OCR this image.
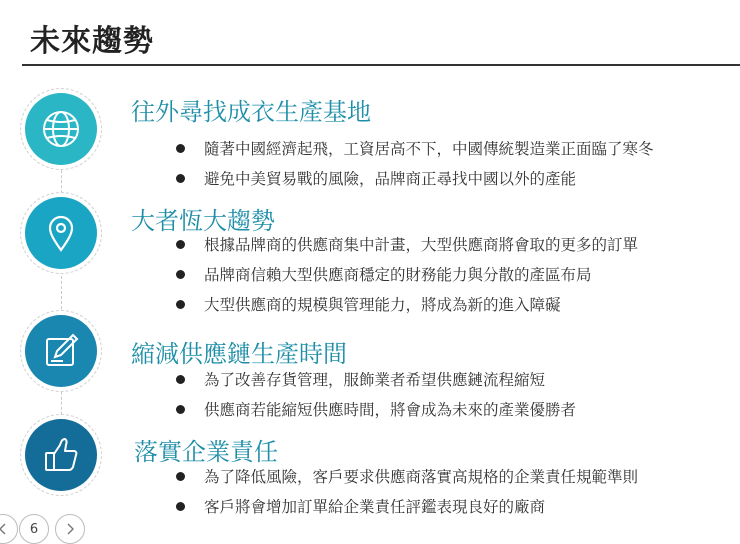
未來趨勢
往外尋找成衣生產基地
隨著中國經濟起飛，工資居高不下，中國傳統製造業正面臨了寒冬
避免中美貿易戰的風險，品牌商正尋找中國以外的產能
大者恆大趨勢
根據品牌商的供應商集中計畫，大型供應商將會取的更多的訂單
品牌商信賴大型供應商穩定的財務能力與分散的產區布局
大型供應商的規模與管理能力，將成為新的進入障礙
縮減供應鏈生產時間
為了改善存貨管理，服飾業者希望供應鏈流程縮短
供應商若能縮短供應時間，將會成為未來的產業優勝者
落實企業責任
為了降低風險，客戶要求供應商落實高規格的企業責任規範準則
客戶將會增加訂單給企業責任評鑑表現良好的廠商
6
